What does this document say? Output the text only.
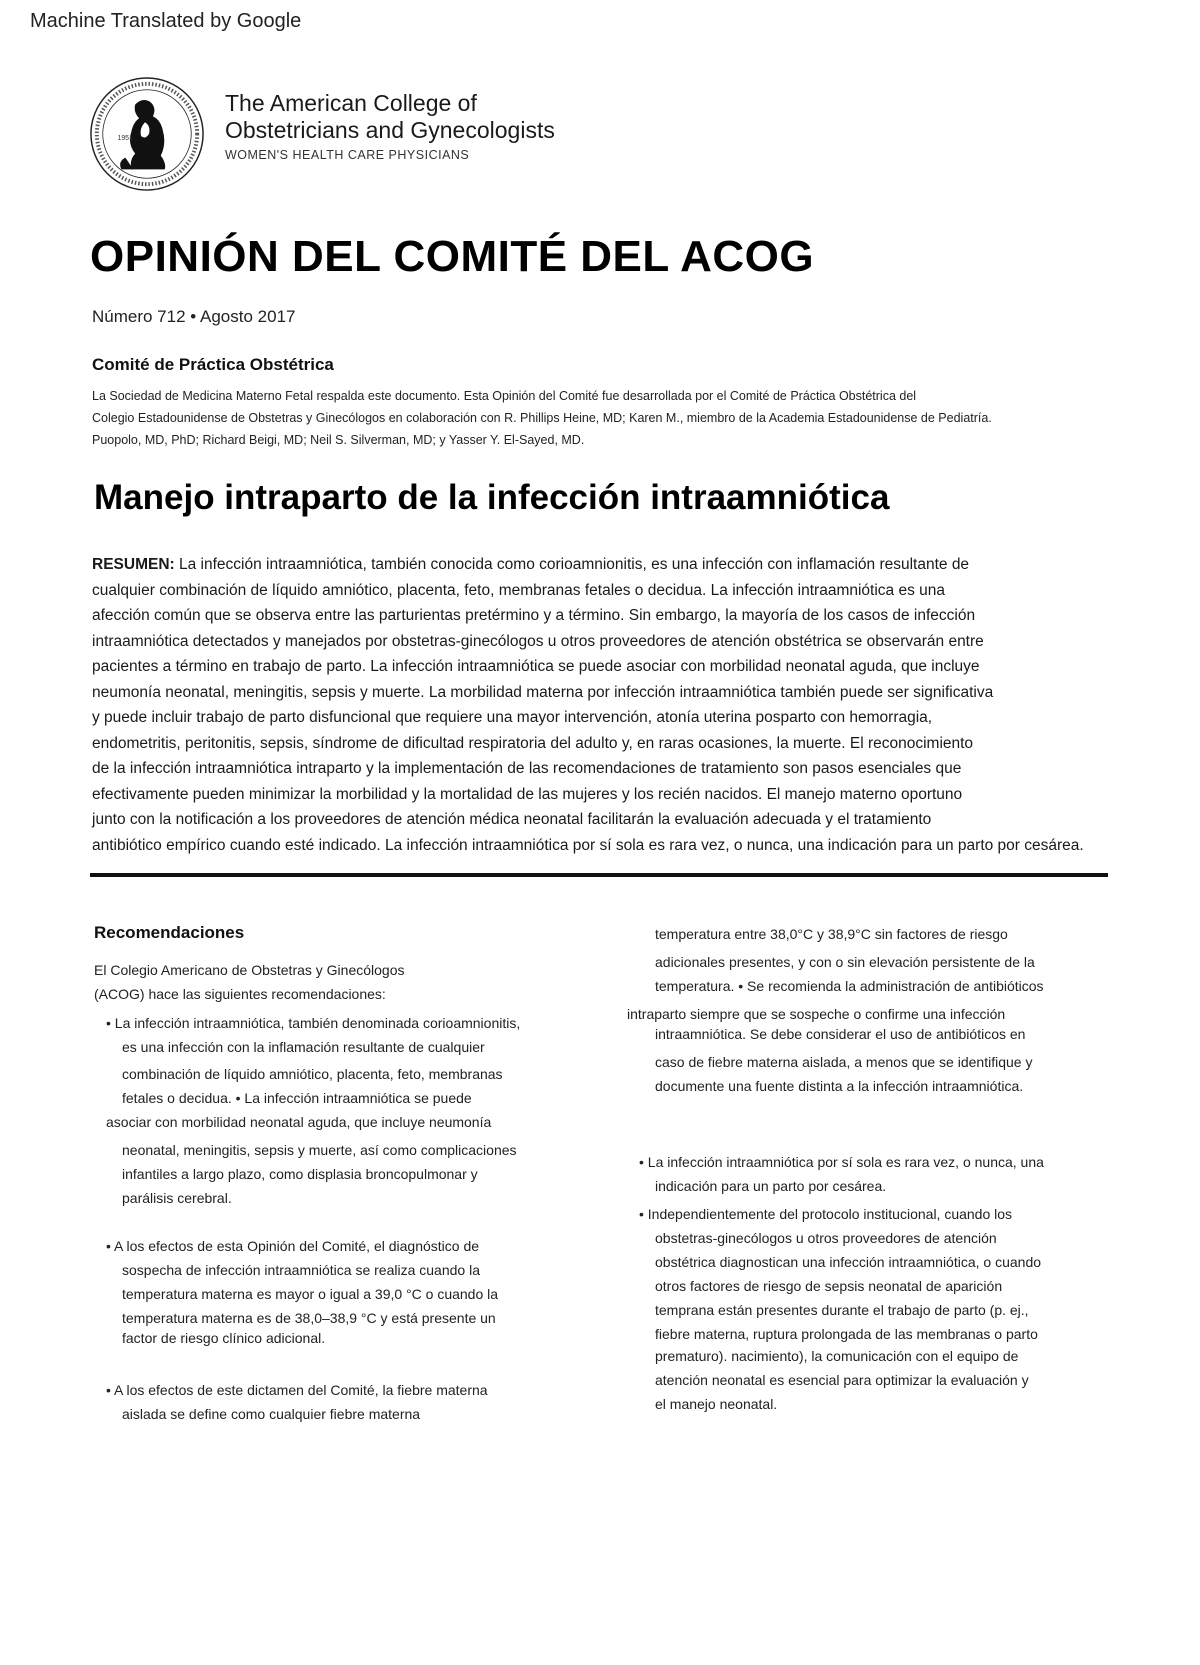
Machine Translated by Google
1951
The American College of
Obstetricians and Gynecologists
WOMEN'S HEALTH CARE PHYSICIANS
OPINIÓN DEL COMITÉ DEL ACOG
Número 712 • Agosto 2017
Comité de Práctica Obstétrica
La Sociedad de Medicina Materno Fetal respalda este documento. Esta Opinión del Comité fue desarrollada por el Comité de Práctica Obstétrica del
Colegio Estadounidense de Obstetras y Ginecólogos en colaboración con R. Phillips Heine, MD; Karen M., miembro de la Academia Estadounidense de Pediatría.
Puopolo, MD, PhD; Richard Beigi, MD; Neil S. Silverman, MD; y Yasser Y. El-Sayed, MD.
Manejo intraparto de la infección intraamniótica
RESUMEN: La infección intraamniótica, también conocida como corioamnionitis, es una infección con inflamación resultante de
cualquier combinación de líquido amniótico, placenta, feto, membranas fetales o decidua. La infección intraamniótica es una
afección común que se observa entre las parturientas pretérmino y a término. Sin embargo, la mayoría de los casos de infección
intraamniótica detectados y manejados por obstetras-ginecólogos u otros proveedores de atención obstétrica se observarán entre
pacientes a término en trabajo de parto. La infección intraamniótica se puede asociar con morbilidad neonatal aguda, que incluye
neumonía neonatal, meningitis, sepsis y muerte. La morbilidad materna por infección intraamniótica también puede ser significativa
y puede incluir trabajo de parto disfuncional que requiere una mayor intervención, atonía uterina posparto con hemorragia,
endometritis, peritonitis, sepsis, síndrome de dificultad respiratoria del adulto y, en raras ocasiones, la muerte. El reconocimiento
de la infección intraamniótica intraparto y la implementación de las recomendaciones de tratamiento son pasos esenciales que
efectivamente pueden minimizar la morbilidad y la mortalidad de las mujeres y los recién nacidos. El manejo materno oportuno
junto con la notificación a los proveedores de atención médica neonatal facilitarán la evaluación adecuada y el tratamiento
antibiótico empírico cuando esté indicado. La infección intraamniótica por sí sola es rara vez, o nunca, una indicación para un parto por cesárea.
Recomendaciones
El Colegio Americano de Obstetras y Ginecólogos
(ACOG) hace las siguientes recomendaciones:
• La infección intraamniótica, también denominada corioamnionitis,
es una infección con la inflamación resultante de cualquier
combinación de líquido amniótico, placenta, feto, membranas
fetales o decidua. • La infección intraamniótica se puede
asociar con morbilidad neonatal aguda, que incluye neumonía
neonatal, meningitis, sepsis y muerte, así como complicaciones
infantiles a largo plazo, como displasia broncopulmonar y
parálisis cerebral.
• A los efectos de esta Opinión del Comité, el diagnóstico de
sospecha de infección intraamniótica se realiza cuando la
temperatura materna es mayor o igual a 39,0 °C o cuando la
temperatura materna es de 38,0–38,9 °C y está presente un
factor de riesgo clínico adicional.
• A los efectos de este dictamen del Comité, la fiebre materna
aislada se define como cualquier fiebre materna
temperatura entre 38,0°C y 38,9°C sin factores de riesgo
adicionales presentes, y con o sin elevación persistente de la
temperatura. • Se recomienda la administración de antibióticos
intraparto siempre que se sospeche o confirme una infección
intraamniótica. Se debe considerar el uso de antibióticos en
caso de fiebre materna aislada, a menos que se identifique y
documente una fuente distinta a la infección intraamniótica.
• La infección intraamniótica por sí sola es rara vez, o nunca, una
indicación para un parto por cesárea.
• Independientemente del protocolo institucional, cuando los
obstetras-ginecólogos u otros proveedores de atención
obstétrica diagnostican una infección intraamniótica, o cuando
otros factores de riesgo de sepsis neonatal de aparición
temprana están presentes durante el trabajo de parto (p. ej.,
fiebre materna, ruptura prolongada de las membranas o parto
prematuro). nacimiento), la comunicación con el equipo de
atención neonatal es esencial para optimizar la evaluación y
el manejo neonatal.
